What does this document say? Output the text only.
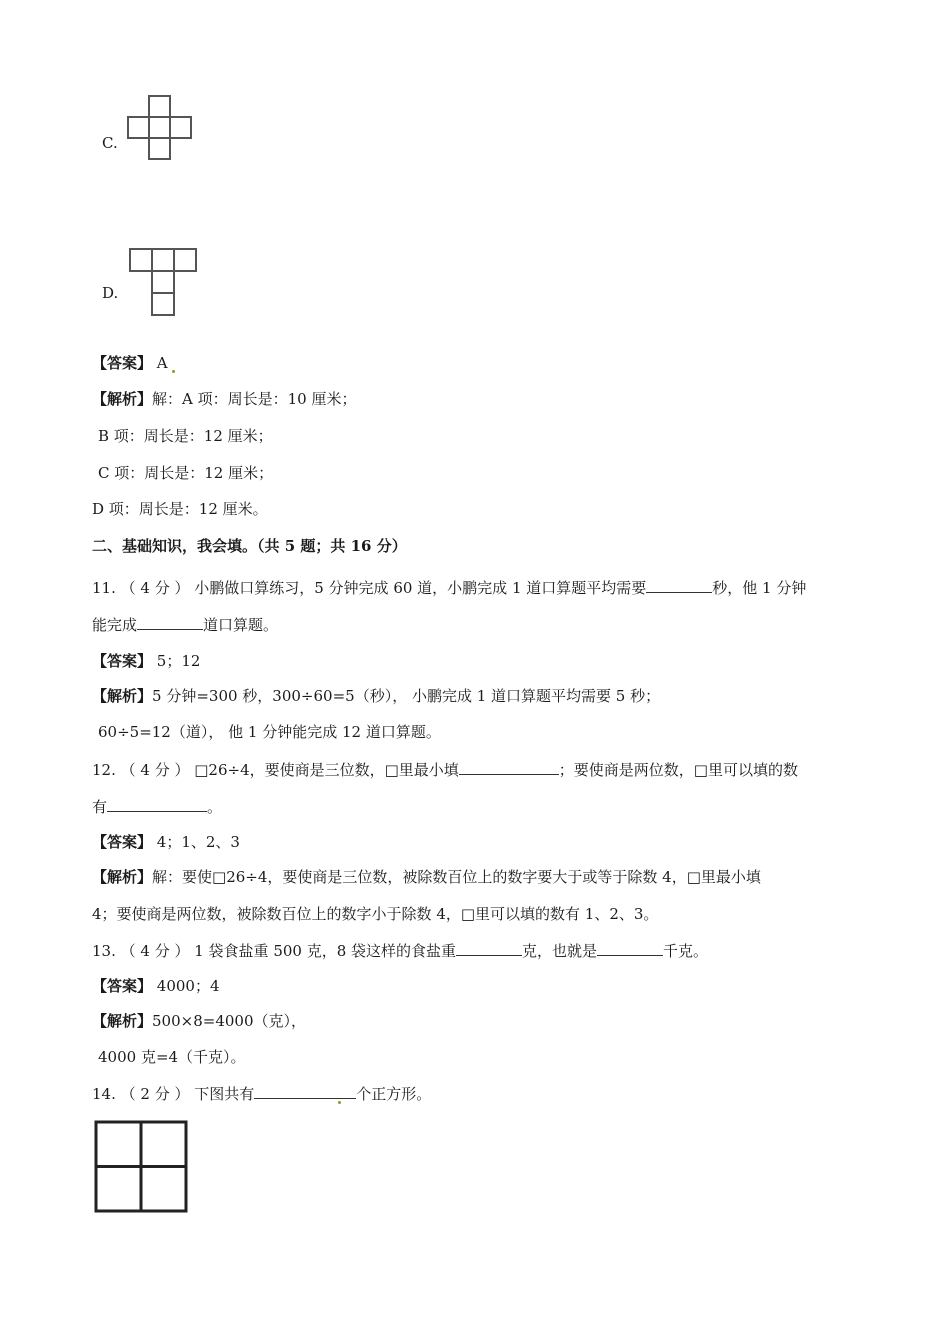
C.
D.
【答案】 A
【解析】解：A 项：周长是：10 厘米；
B 项：周长是：12 厘米；
C 项：周长是：12 厘米；
D 项：周长是：12 厘米。
二、基础知识，我会填。（共 5 题；共 16 分）
11. （ 4 分 ） 小鹏做口算练习，5 分钟完成 60 道，小鹏完成 1 道口算题平均需要	秒，他 1 分钟
能完成	道口算题。
【答案】 5；12
【解析】5 分钟=300 秒，300÷60=5（秒）， 小鹏完成 1 道口算题平均需要 5 秒；
60÷5=12（道）， 他 1 分钟能完成 12 道口算题。
12. （ 4 分 ） □26÷4，要使商是三位数，□里最小填	；要使商是两位数，□里可以填的数
有	。
【答案】 4；1、2、3
【解析】解：要使□26÷4，要使商是三位数，被除数百位上的数字要大于或等于除数 4，□里最小填
4；要使商是两位数，被除数百位上的数字小于除数 4，□里可以填的数有 1、2、3。
13. （ 4 分 ） 1 袋食盐重 500 克，8 袋这样的食盐重	克，也就是	千克。
【答案】 4000；4
【解析】500×8=4000（克），
4000 克=4（千克）。
14. （ 2 分 ） 下图共有	个正方形。
